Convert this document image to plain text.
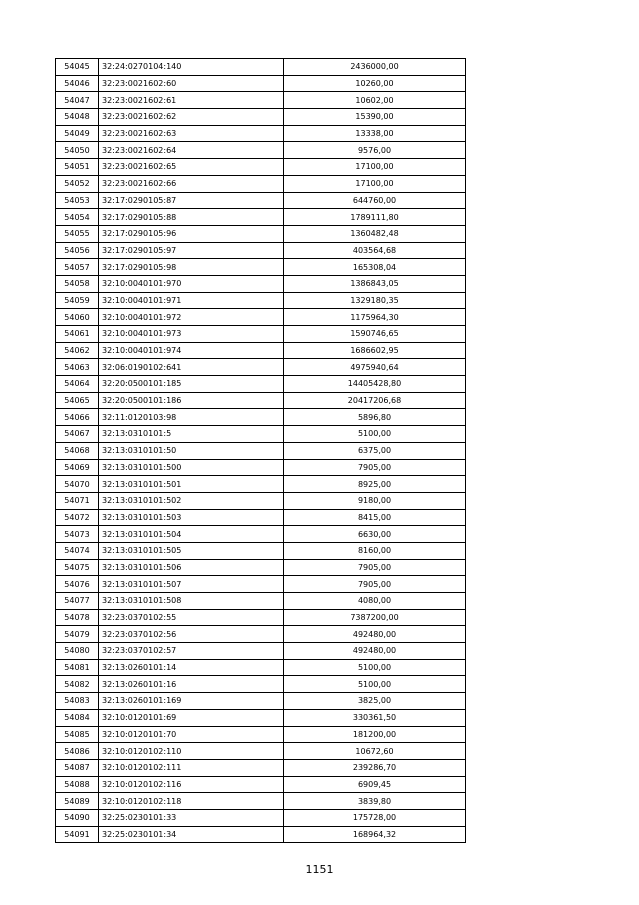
54045	32:24:0270104:140	2436000,00
54046	32:23:0021602:60	10260,00
54047	32:23:0021602:61	10602,00
54048	32:23:0021602:62	15390,00
54049	32:23:0021602:63	13338,00
54050	32:23:0021602:64	9576,00
54051	32:23:0021602:65	17100,00
54052	32:23:0021602:66	17100,00
54053	32:17:0290105:87	644760,00
54054	32:17:0290105:88	1789111,80
54055	32:17:0290105:96	1360482,48
54056	32:17:0290105:97	403564,68
54057	32:17:0290105:98	165308,04
54058	32:10:0040101:970	1386843,05
54059	32:10:0040101:971	1329180,35
54060	32:10:0040101:972	1175964,30
54061	32:10:0040101:973	1590746,65
54062	32:10:0040101:974	1686602,95
54063	32:06:0190102:641	4975940,64
54064	32:20:0500101:185	14405428,80
54065	32:20:0500101:186	20417206,68
54066	32:11:0120103:98	5896,80
54067	32:13:0310101:5	5100,00
54068	32:13:0310101:50	6375,00
54069	32:13:0310101:500	7905,00
54070	32:13:0310101:501	8925,00
54071	32:13:0310101:502	9180,00
54072	32:13:0310101:503	8415,00
54073	32:13:0310101:504	6630,00
54074	32:13:0310101:505	8160,00
54075	32:13:0310101:506	7905,00
54076	32:13:0310101:507	7905,00
54077	32:13:0310101:508	4080,00
54078	32:23:0370102:55	7387200,00
54079	32:23:0370102:56	492480,00
54080	32:23:0370102:57	492480,00
54081	32:13:0260101:14	5100,00
54082	32:13:0260101:16	5100,00
54083	32:13:0260101:169	3825,00
54084	32:10:0120101:69	330361,50
54085	32:10:0120101:70	181200,00
54086	32:10:0120102:110	10672,60
54087	32:10:0120102:111	239286,70
54088	32:10:0120102:116	6909,45
54089	32:10:0120102:118	3839,80
54090	32:25:0230101:33	175728,00
54091	32:25:0230101:34	168964,32
1151
